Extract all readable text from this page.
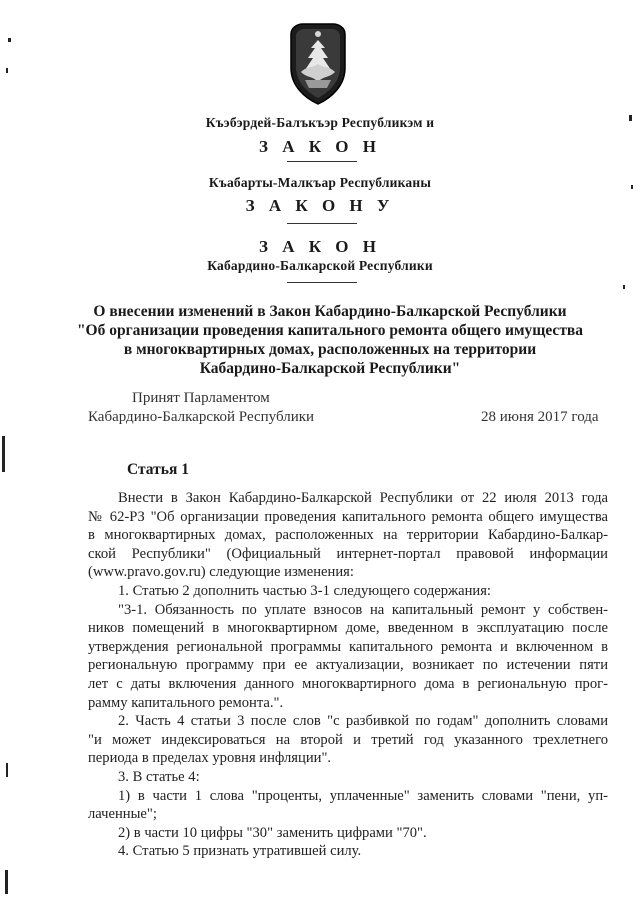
Къэбэрдей-Балъкъэр Республикэм и
З А К О Н
Къабарты-Малкъар Республиканы
З А К О Н У
З А К О Н
Кабардино-Балкарской Республики
О внесении изменений в Закон Кабардино-Балкарской Республики
"Об организации проведения капитального ремонта общего имущества
в многоквартирных домах, расположенных на территории
Кабардино-Балкарской Республики"
Принят Парламентом
Кабардино-Балкарской Республики	28 июня 2017 года
Статья 1
Внести в Закон Кабардино-Балкарской Республики от 22 июля 2013 года
№ 62-РЗ "Об организации проведения капитального ремонта общего имущества
в многоквартирных домах, расположенных на территории Кабардино-Балкар-
ской Республики" (Официальный интернет-портал правовой информации
(www.pravo.gov.ru) следующие изменения:
1. Статью 2 дополнить частью 3-1 следующего содержания:
"3-1. Обязанность по уплате взносов на капитальный ремонт у собствен-
ников помещений в многоквартирном доме, введенном в эксплуатацию после
утверждения региональной программы капитального ремонта и включенном в
региональную программу при ее актуализации, возникает по истечении пяти
лет с даты включения данного многоквартирного дома в региональную прог-
рамму капитального ремонта.".
2. Часть 4 статьи 3 после слов "с разбивкой по годам" дополнить словами
"и может индексироваться на второй и третий год указанного трехлетнего
периода в пределах уровня инфляции".
3. В статье 4:
1) в части 1 слова "проценты, уплаченные" заменить словами "пени, уп-
лаченные";
2) в части 10 цифры "30" заменить цифрами "70".
4. Статью 5 признать утратившей силу.
